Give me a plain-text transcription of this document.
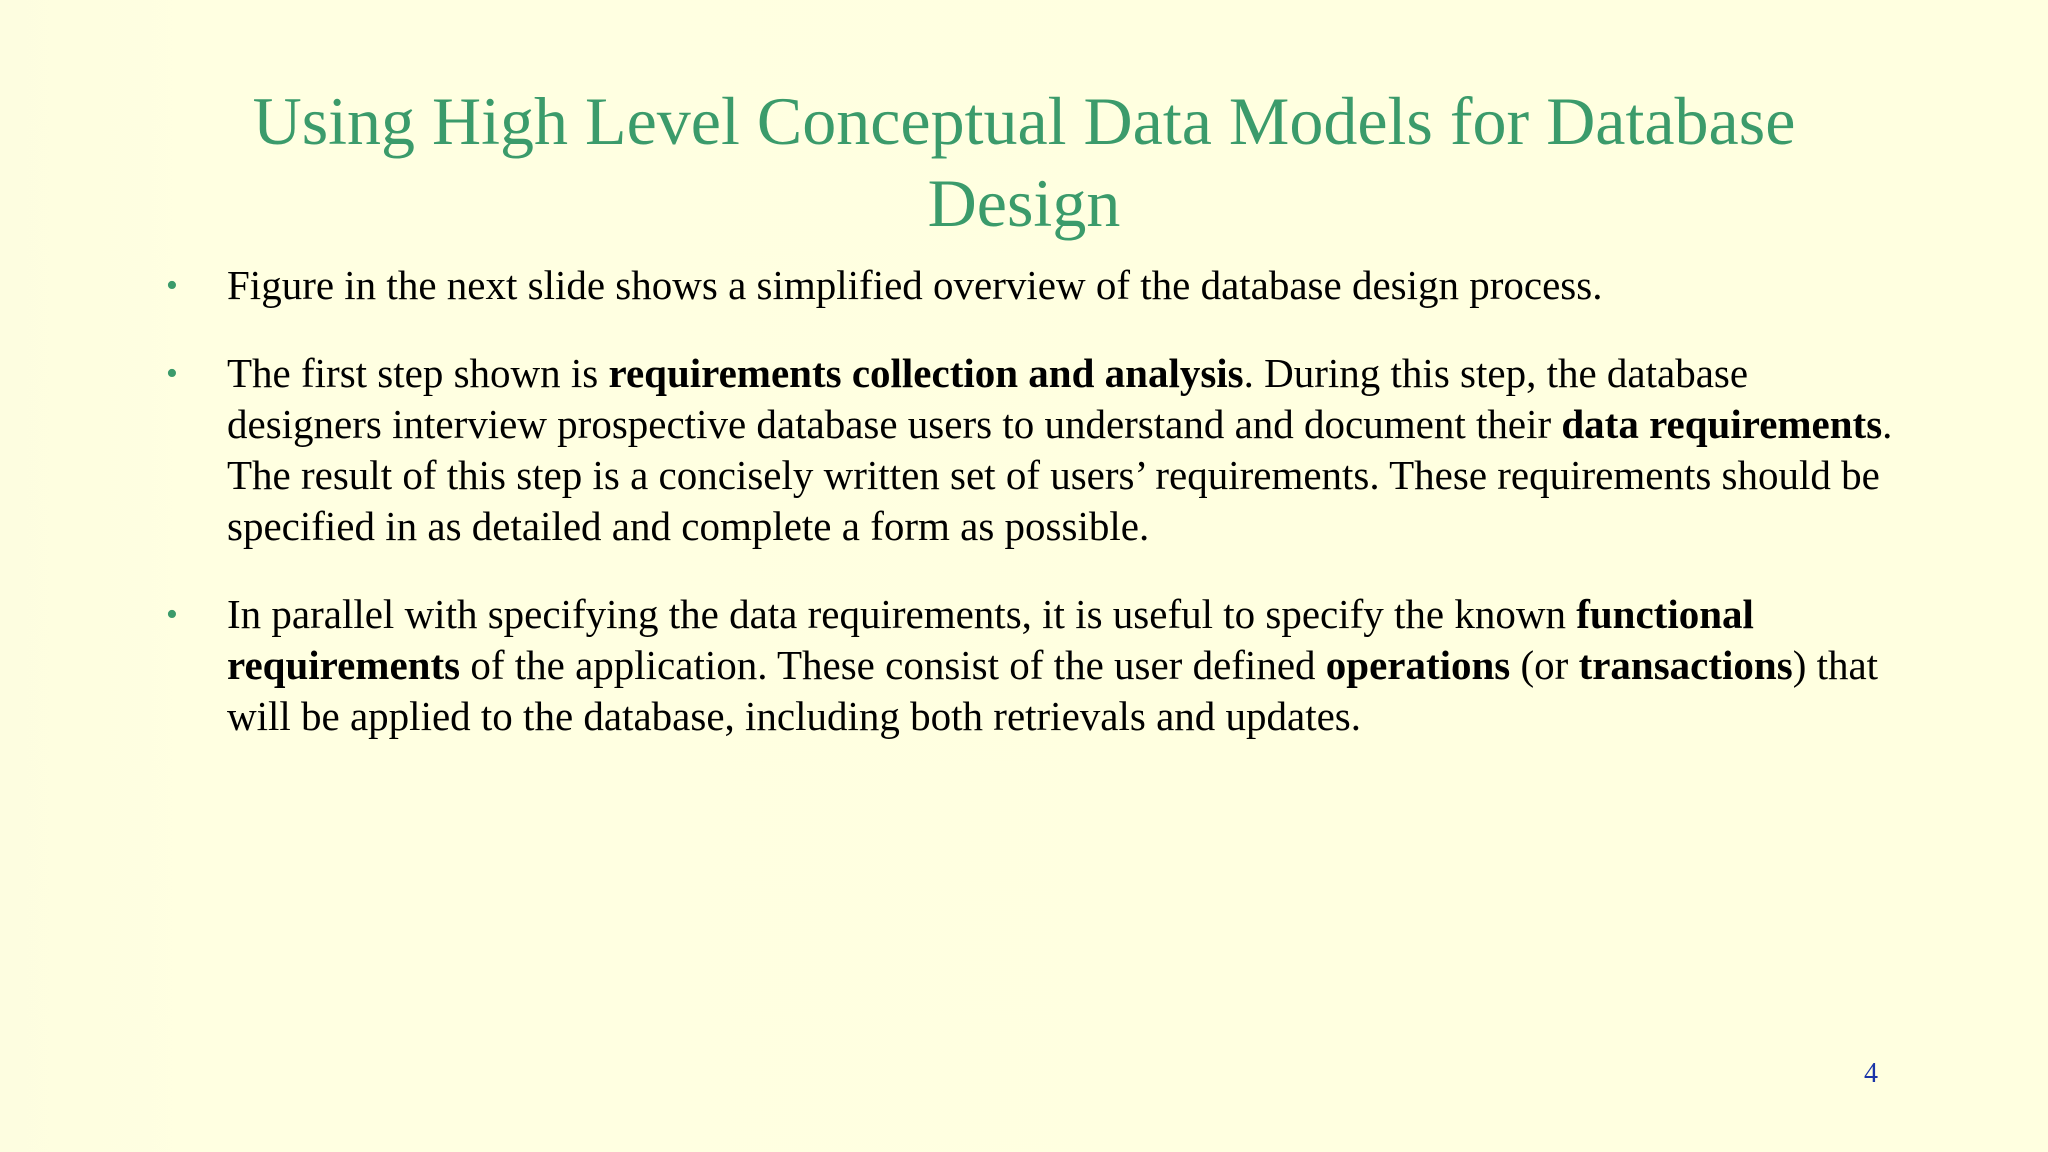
Using High Level Conceptual Data Models for Database Design
• Figure in the next slide shows a simplified overview of the database design process.
• The first step shown is requirements collection and analysis. During this step, the database designers interview prospective database users to understand and document their data requirements. The result of this step is a concisely written set of users’ requirements. These requirements should be specified in as detailed and complete a form as possible.
• In parallel with specifying the data requirements, it is useful to specify the known functional requirements of the application. These consist of the user defined operations (or transactions) that will be applied to the database, including both retrievals and updates.
4
